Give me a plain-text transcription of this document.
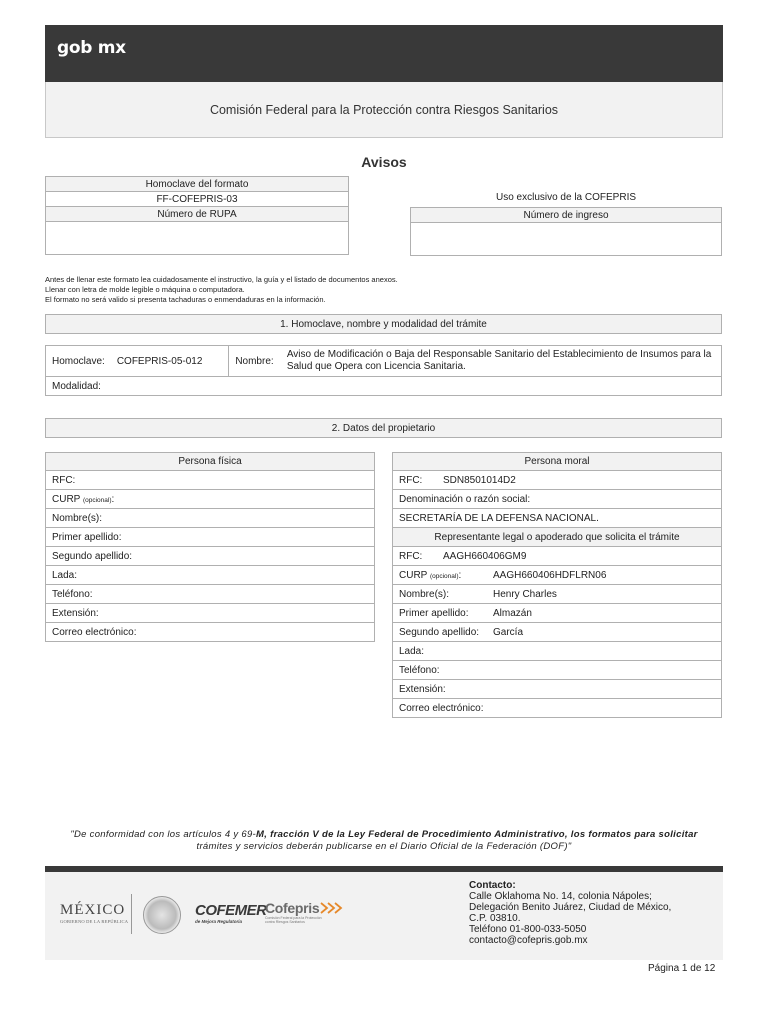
gob mx
Comisión Federal para la Protección contra Riesgos Sanitarios
Avisos
Homoclave del formato
FF-COFEPRIS-03
Número de RUPA

Uso exclusivo de la COFEPRIS
Número de ingreso

Antes de llenar este formato lea cuidadosamente el instructivo, la guía y el listado de documentos anexos.
Llenar con letra de molde legible o máquina o computadora.
El formato no será valido si presenta tachaduras o enmendaduras en la información.
1. Homoclave, nombre y modalidad del trámite
Homoclave:	COFEPRIS-05-012	Nombre:	Aviso de Modificación o Baja del Responsable Sanitario del Establecimiento de Insumos para la Salud que Opera con Licencia Sanitaria.
Modalidad:
2. Datos del propietario
Persona física
RFC:
CURP (opcional):
Nombre(s):
Primer apellido:
Segundo apellido:
Lada:
Teléfono:
Extensión:
Correo electrónico:
Persona moral
RFC: SDN8501014D2

Denominación o razón social:
SECRETARÍA DE LA DEFENSA NACIONAL.
Representante legal o apoderado que solicita el trámite
RFC: AAGH660406GM9

CURP (opcional):	AAGH660406HDFLRN06

Nombre(s):	Henry Charles

Primer apellido: Almazán

Segundo apellido: García

Lada:
Teléfono:
Extensión:
Correo electrónico:
"De conformidad con los artículos 4 y 69-M, fracción V de la Ley Federal de Procedimiento Administrativo, los formatos para solicitar
trámites y servicios deberán publicarse en el Diario Oficial de la Federación (DOF)"
MÉXICO
GOBIERNO DE LA REPÚBLICA
COFEMER
de Mejora Regulatoria
Cofepris
Comisión Federal para la Protección contra Riesgos Sanitarios
Contacto:
Calle Oklahoma No. 14, colonia Nápoles;
Delegación Benito Juárez, Ciudad de México,
C.P. 03810.
Teléfono 01-800-033-5050
contacto@cofepris.gob.mx
Página 1 de 12
